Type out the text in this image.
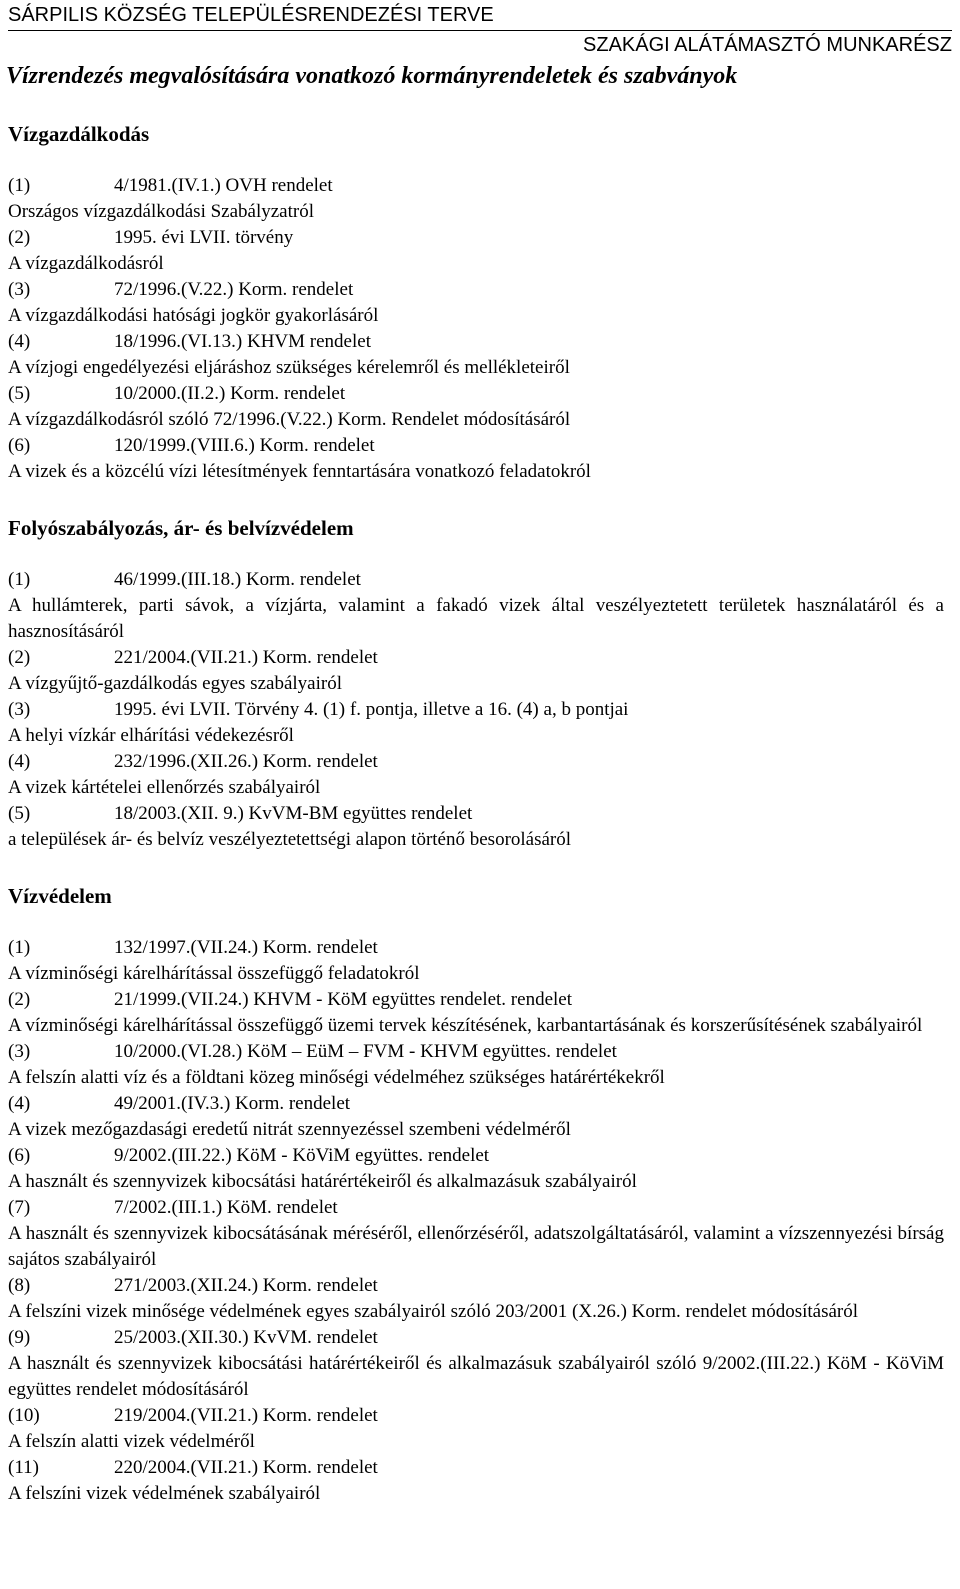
SÁRPILIS KÖZSÉG TELEPÜLÉSRENDEZÉSI TERVE
SZAKÁGI ALÁTÁMASZTÓ MUNKARÉSZ
Vízrendezés megvalósítására vonatkozó kormányrendeletek és szabványok
Vízgazdálkodás
(1)	4/1981.(IV.1.) OVH rendelet
Országos vízgazdálkodási Szabályzatról
(2)	1995. évi LVII. törvény
A vízgazdálkodásról
(3)	72/1996.(V.22.) Korm. rendelet
A vízgazdálkodási hatósági jogkör gyakorlásáról
(4)	18/1996.(VI.13.) KHVM rendelet
A vízjogi engedélyezési eljáráshoz szükséges kérelemről és mellékleteiről
(5)	10/2000.(II.2.) Korm. rendelet
A vízgazdálkodásról szóló 72/1996.(V.22.) Korm. Rendelet módosításáról
(6)	120/1999.(VIII.6.) Korm. rendelet
A vizek és a közcélú vízi létesítmények fenntartására vonatkozó feladatokról
Folyószabályozás, ár- és belvízvédelem
(1)	46/1999.(III.18.) Korm. rendelet
A hullámterek, parti sávok, a vízjárta, valamint a fakadó vizek által veszélyeztetett területek használatáról és a hasznosításáról
(2)	221/2004.(VII.21.) Korm. rendelet
A vízgyűjtő-gazdálkodás egyes szabályairól
(3)	1995. évi LVII. Törvény 4. (1) f. pontja, illetve a 16. (4) a, b pontjai
A helyi vízkár elhárítási védekezésről
(4)	232/1996.(XII.26.) Korm. rendelet
A vizek kártételei ellenőrzés szabályairól
(5)	18/2003.(XII. 9.) KvVM-BM együttes rendelet
a települések ár- és belvíz veszélyeztetettségi alapon történő besorolásáról
Vízvédelem
(1)	132/1997.(VII.24.) Korm. rendelet
A vízminőségi kárelhárítással összefüggő feladatokról
(2)	21/1999.(VII.24.) KHVM - KöM együttes rendelet. rendelet
A vízminőségi kárelhárítással összefüggő üzemi tervek készítésének, karbantartásának és korszerűsítésének szabályairól
(3)	10/2000.(VI.28.) KöM – EüM – FVM - KHVM együttes. rendelet
A felszín alatti víz és a földtani közeg minőségi védelméhez szükséges határértékekről
(4)	49/2001.(IV.3.) Korm. rendelet
A vizek mezőgazdasági eredetű nitrát szennyezéssel szembeni védelméről
(6)	9/2002.(III.22.) KöM - KöViM együttes. rendelet
A használt és szennyvizek kibocsátási határértékeiről és alkalmazásuk szabályairól
(7)	7/2002.(III.1.) KöM. rendelet
A használt és szennyvizek kibocsátásának méréséről, ellenőrzéséről, adatszolgáltatásáról, valamint a vízszennyezési bírság sajátos szabályairól
(8)	271/2003.(XII.24.) Korm. rendelet
A felszíni vizek minősége védelmének egyes szabályairól szóló 203/2001 (X.26.) Korm. rendelet módosításáról
(9)	25/2003.(XII.30.) KvVM. rendelet
A használt és szennyvizek kibocsátási határértékeiről és alkalmazásuk szabályairól szóló 9/2002.(III.22.) KöM - KöViM együttes rendelet módosításáról
(10)	219/2004.(VII.21.) Korm. rendelet
A felszín alatti vizek védelméről
(11)	220/2004.(VII.21.) Korm. rendelet
A felszíni vizek védelmének szabályairól
